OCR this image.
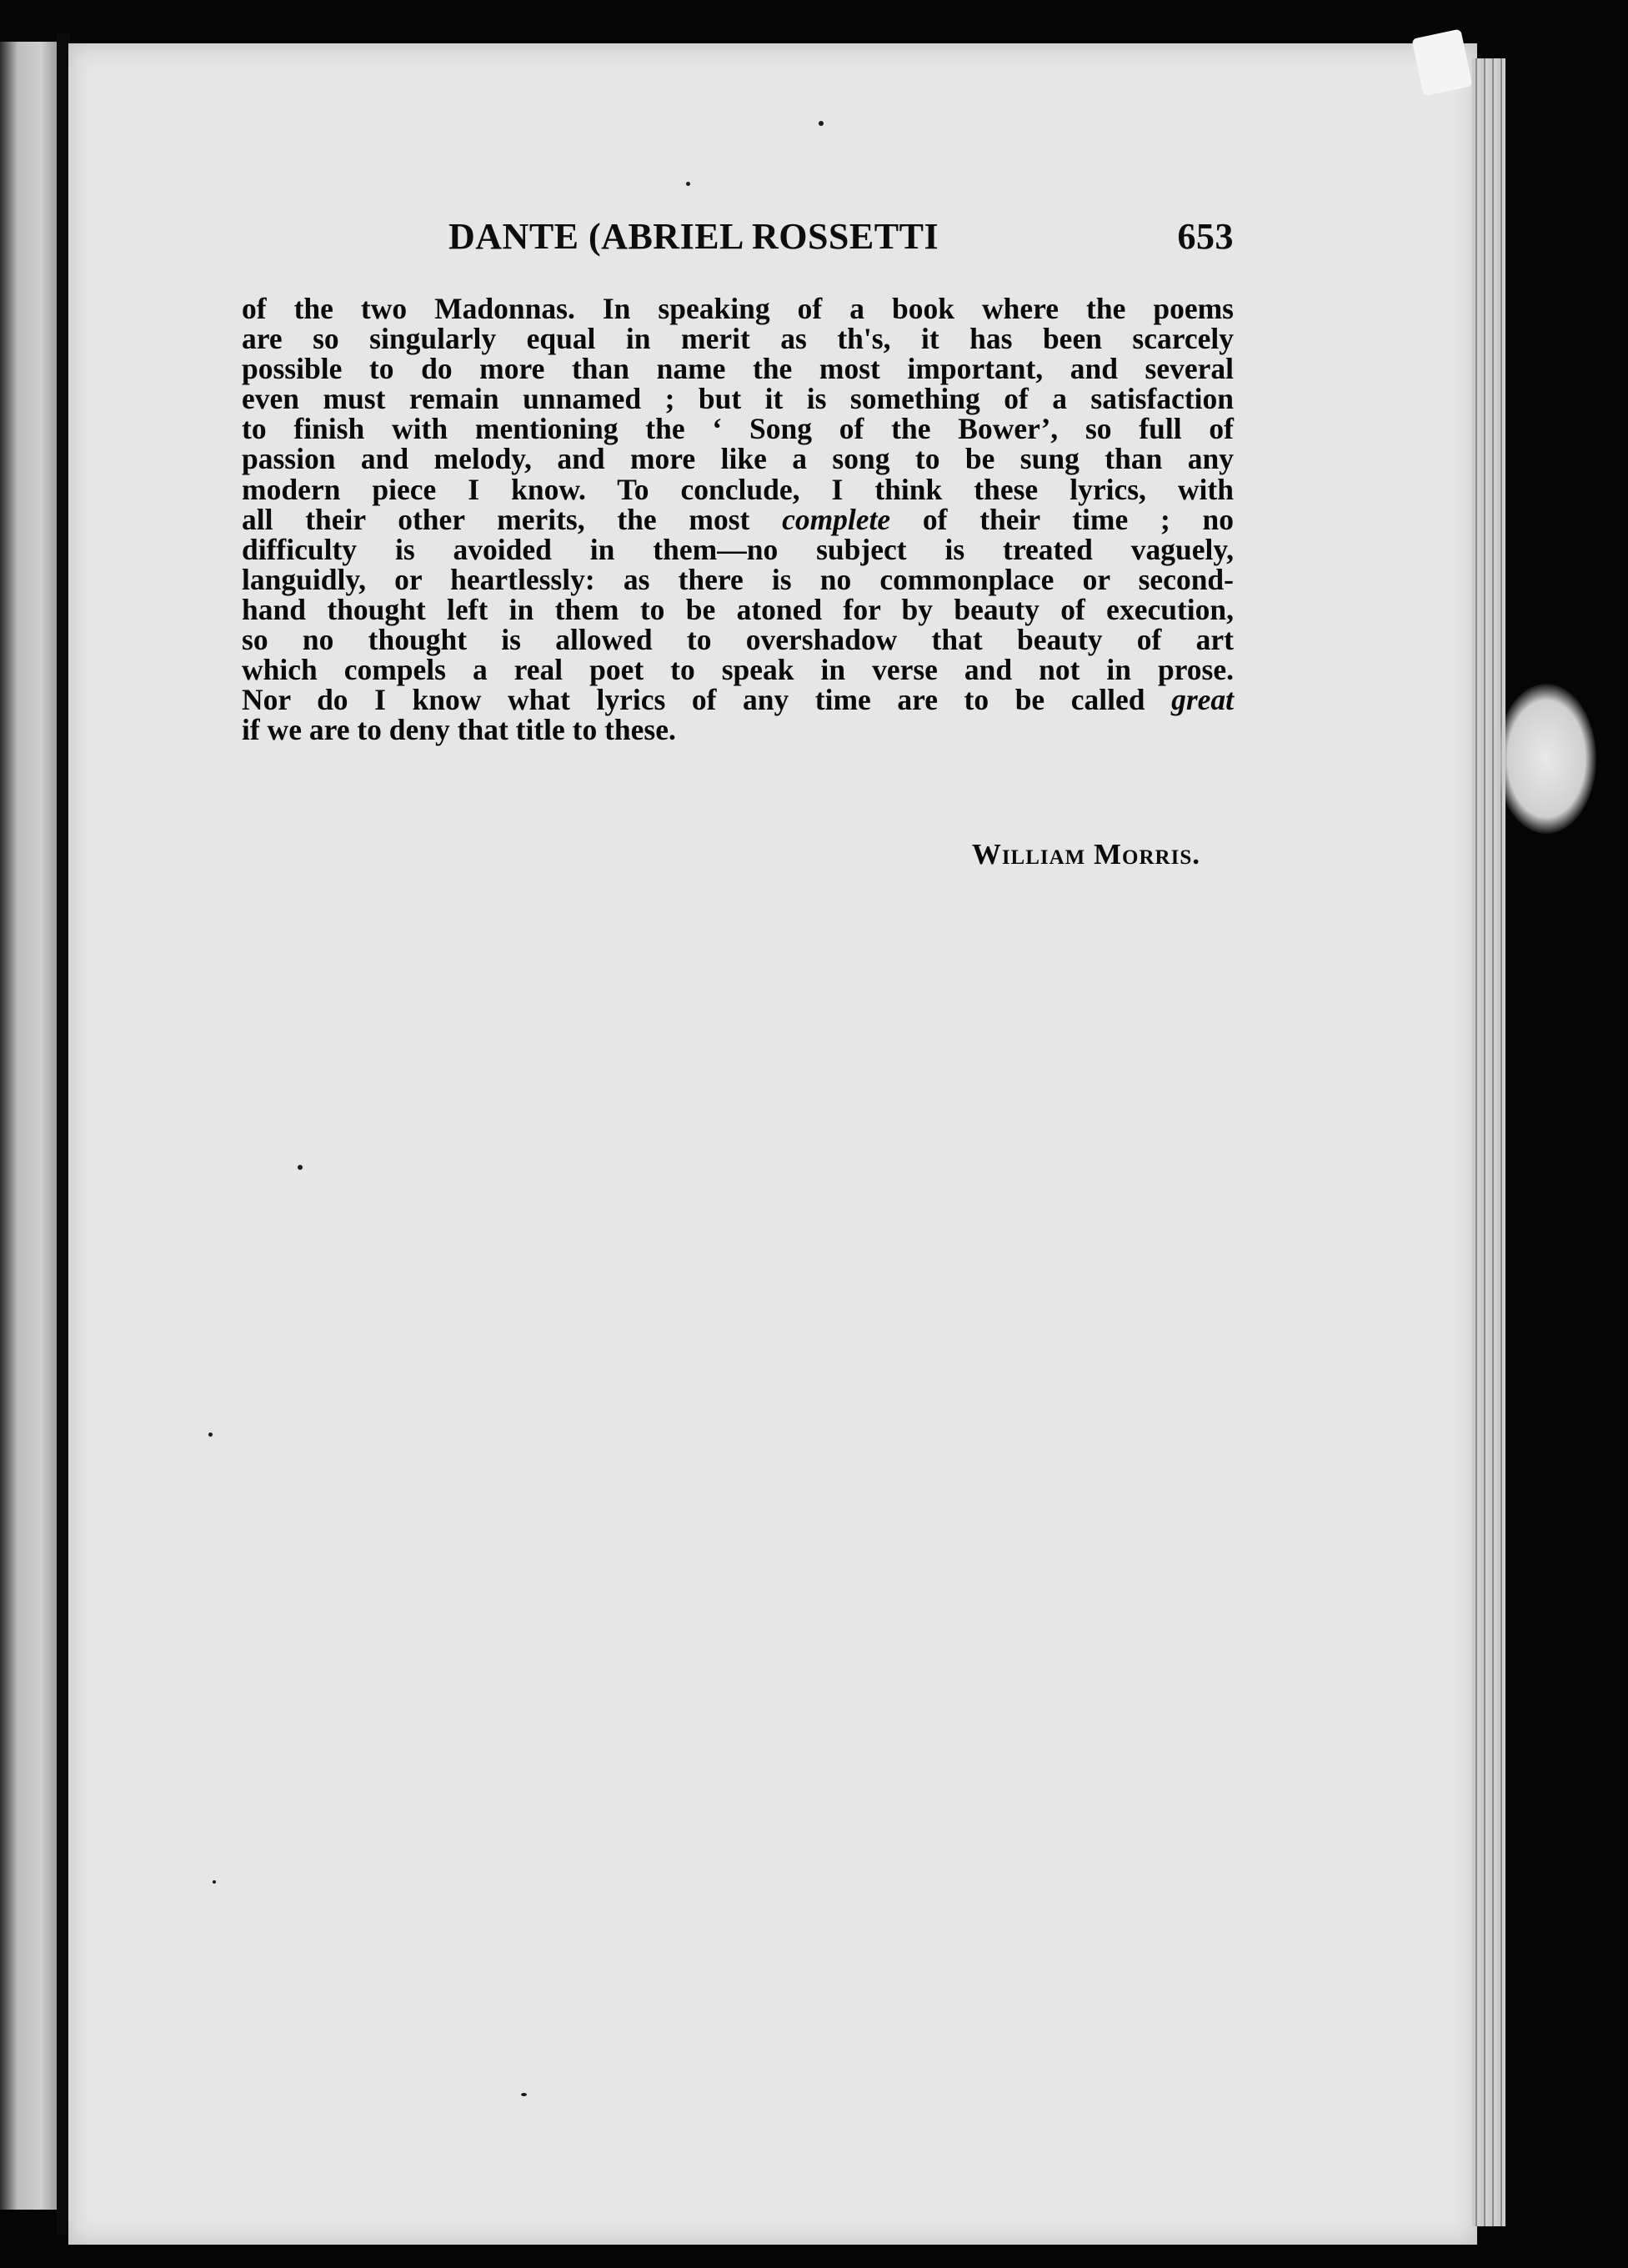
DANTE (ABRIEL ROSSETTI	653
of the two Madonnas. In speaking of a book where the poems
are so singularly equal in merit as th's, it has been scarcely
possible to do more than name the most important, and several
even must remain unnamed ; but it is something of a satisfaction
to finish with mentioning the ‘ Song of the Bower’, so full of
passion and melody, and more like a song to be sung than any
modern piece I know. To conclude, I think these lyrics, with
all their other merits, the most complete of their time ; no
difficulty is avoided in them—no subject is treated vaguely,
languidly, or heartlessly: as there is no commonplace or second-
hand thought left in them to be atoned for by beauty of execution,
so no thought is allowed to overshadow that beauty of art
which compels a real poet to speak in verse and not in prose.
Nor do I know what lyrics of any time are to be called great
if we are to deny that title to these.
William Morris.
